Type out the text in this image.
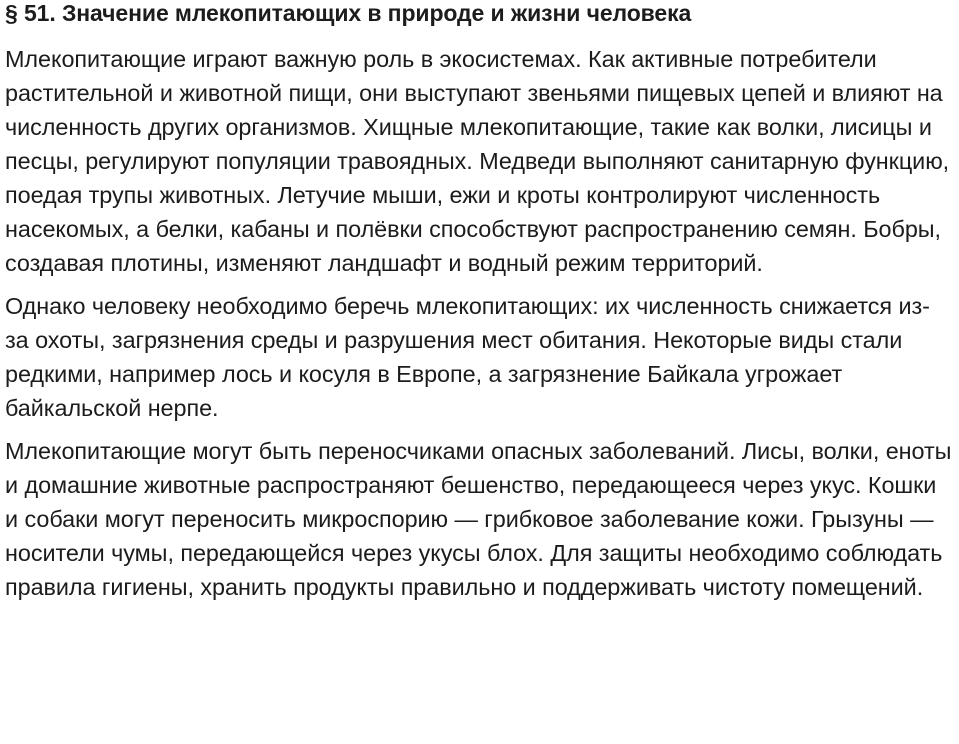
§ 51. Значение млекопитающих в природе и жизни человека

Млекопитающие играют важную роль в экосистемах. Как активные потребители растительной и животной пищи, они выступают звеньями пищевых цепей и влияют на численность других организмов. Хищные млекопитающие, такие как волки, лисицы и песцы, регулируют популяции травоядных. Медведи выполняют санитарную функцию, поедая трупы животных. Летучие мыши, ежи и кроты контролируют численность насекомых, а белки, кабаны и полёвки способствуют распространению семян. Бобры, создавая плотины, изменяют ландшафт и водный режим территорий.

Однако человеку необходимо беречь млекопитающих: их численность снижается из-за охоты, загрязнения среды и разрушения мест обитания. Некоторые виды стали редкими, например лось и косуля в Европе, а загрязнение Байкала угрожает байкальской нерпе.

Млекопитающие могут быть переносчиками опасных заболеваний. Лисы, волки, еноты и домашние животные распространяют бешенство, передающееся через укус. Кошки и собаки могут переносить микроспорию — грибковое заболевание кожи. Грызуны — носители чумы, передающейся через укусы блох. Для защиты необходимо соблюдать правила гигиены, хранить продукты правильно и поддерживать чистоту помещений.
